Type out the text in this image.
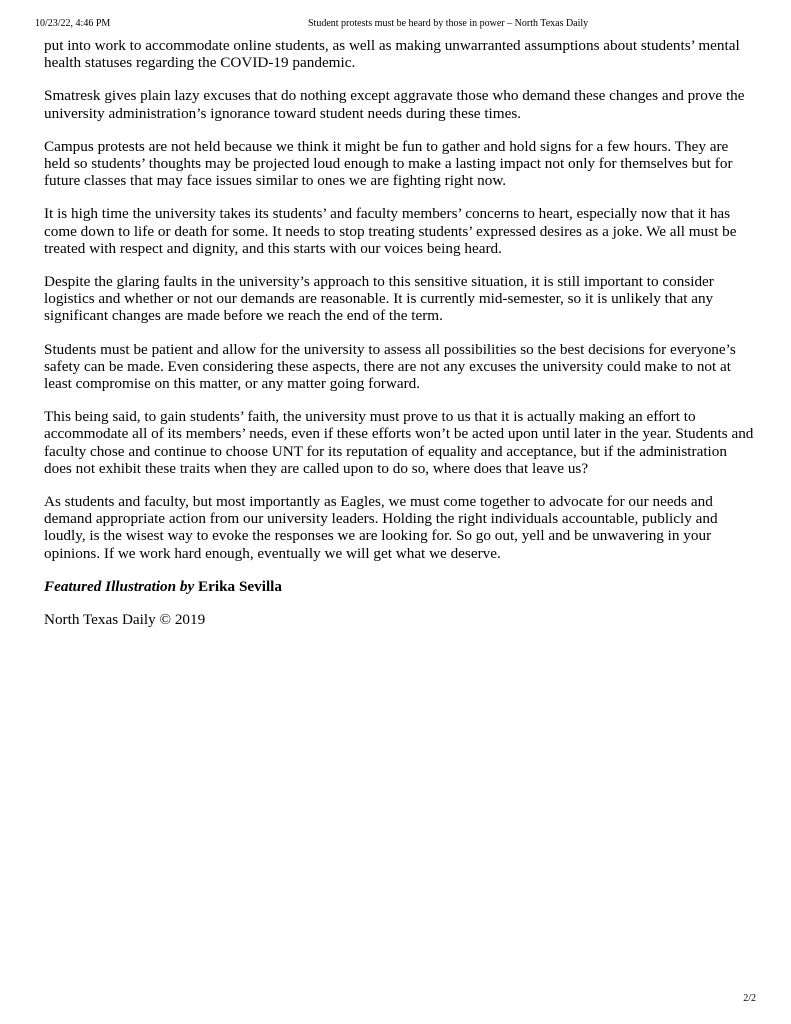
10/23/22, 4:46 PM	Student protests must be heard by those in power – North Texas Daily

put into work to accommodate online students, as well as making unwarranted assumptions about students’ mental health statuses regarding the COVID-19 pandemic.

Smatresk gives plain lazy excuses that do nothing except aggravate those who demand these changes and prove the university administration’s ignorance toward student needs during these times.

Campus protests are not held because we think it might be fun to gather and hold signs for a few hours. They are held so students’ thoughts may be projected loud enough to make a lasting impact not only for themselves but for future classes that may face issues similar to ones we are fighting right now.

It is high time the university takes its students’ and faculty members’ concerns to heart, especially now that it has come down to life or death for some. It needs to stop treating students’ expressed desires as a joke. We all must be treated with respect and dignity, and this starts with our voices being heard.

Despite the glaring faults in the university’s approach to this sensitive situation, it is still important to consider logistics and whether or not our demands are reasonable. It is currently mid-semester, so it is unlikely that any significant changes are made before we reach the end of the term.

Students must be patient and allow for the university to assess all possibilities so the best decisions for everyone’s safety can be made. Even considering these aspects, there are not any excuses the university could make to not at least compromise on this matter, or any matter going forward.

This being said, to gain students’ faith, the university must prove to us that it is actually making an effort to accommodate all of its members’ needs, even if these efforts won’t be acted upon until later in the year. Students and faculty chose and continue to choose UNT for its reputation of equality and acceptance, but if the administration does not exhibit these traits when they are called upon to do so, where does that leave us?

As students and faculty, but most importantly as Eagles, we must come together to advocate for our needs and demand appropriate action from our university leaders. Holding the right individuals accountable, publicly and loudly, is the wisest way to evoke the responses we are looking for. So go out, yell and be unwavering in your opinions. If we work hard enough, eventually we will get what we deserve.

Featured Illustration by Erika Sevilla

North Texas Daily © 2019

2/2
